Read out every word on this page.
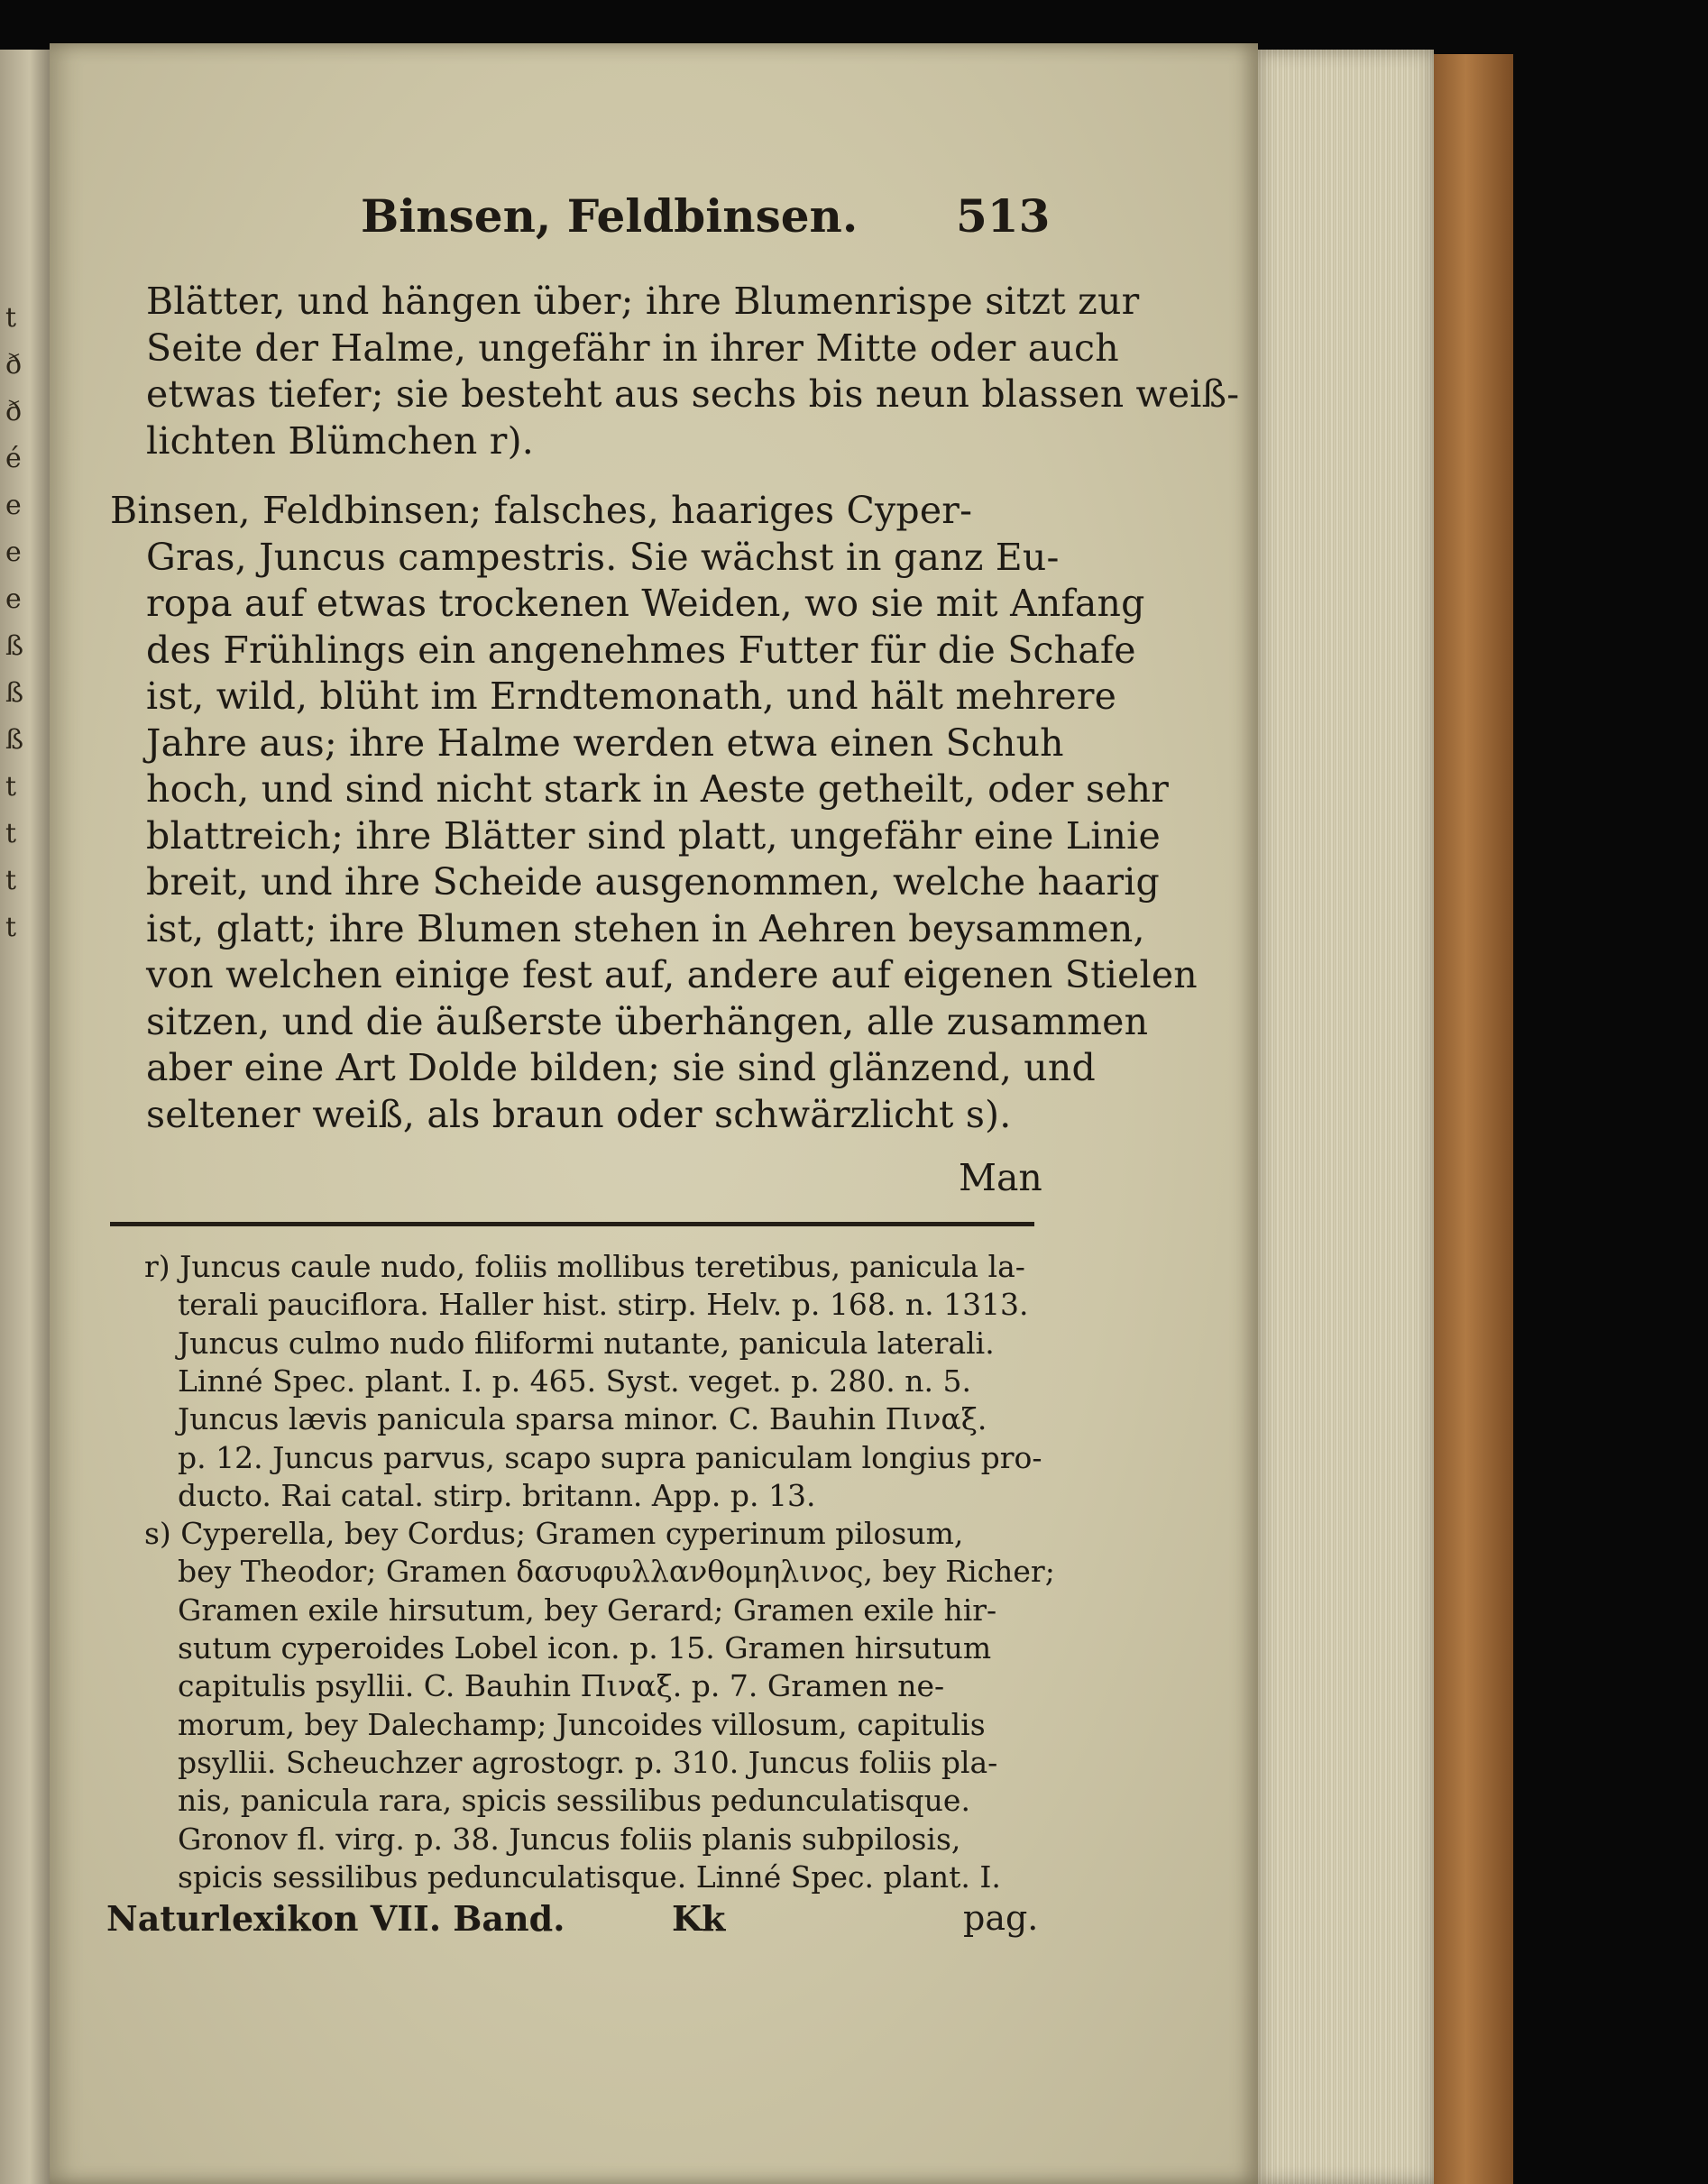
t
ð
ð
é
e
e
e
ß
ß
ß
t
t
t
t
Binsen, Feldbinsen. 513
Blätter, und hängen über; ihre Blumenrispe sitzt zur
Seite der Halme, ungefähr in ihrer Mitte oder auch
etwas tiefer; sie besteht aus sechs bis neun blassen weiß-
lichten Blümchen r).
Binsen, Feldbinsen; falsches, haariges Cyper-
Gras, Juncus campestris. Sie wächst in ganz Eu-
ropa auf etwas trockenen Weiden, wo sie mit Anfang
des Frühlings ein angenehmes Futter für die Schafe
ist, wild, blüht im Erndtemonath, und hält mehrere
Jahre aus; ihre Halme werden etwa einen Schuh
hoch, und sind nicht stark in Aeste getheilt, oder sehr
blattreich; ihre Blätter sind platt, ungefähr eine Linie
breit, und ihre Scheide ausgenommen, welche haarig
ist, glatt; ihre Blumen stehen in Aehren beysammen,
von welchen einige fest auf, andere auf eigenen Stielen
sitzen, und die äußerste überhängen, alle zusammen
aber eine Art Dolde bilden; sie sind glänzend, und
seltener weiß, als braun oder schwärzlicht s).
Man
r) Juncus caule nudo, foliis mollibus teretibus, panicula la-
terali pauciflora. Haller hist. stirp. Helv. p. 168. n. 1313.
Juncus culmo nudo filiformi nutante, panicula laterali.
Linné Spec. plant. I. p. 465. Syst. veget. p. 280. n. 5.
Juncus lævis panicula sparsa minor. C. Bauhin Πιναξ.
p. 12. Juncus parvus, scapo supra paniculam longius pro-
ducto. Rai catal. stirp. britann. App. p. 13.
s) Cyperella, bey Cordus; Gramen cyperinum pilosum,
bey Theodor; Gramen δασυφυλλανθομηλινος, bey Richer;
Gramen exile hirsutum, bey Gerard; Gramen exile hir-
sutum cyperoides Lobel icon. p. 15. Gramen hirsutum
capitulis psyllii. C. Bauhin Πιναξ. p. 7. Gramen ne-
morum, bey Dalechamp; Juncoides villosum, capitulis
psyllii. Scheuchzer agrostogr. p. 310. Juncus foliis pla-
nis, panicula rara, spicis sessilibus pedunculatisque.
Gronov fl. virg. p. 38. Juncus foliis planis subpilosis,
spicis sessilibus pedunculatisque. Linné Spec. plant. I.
Naturlexikon VII. Band.	Kk	pag.
